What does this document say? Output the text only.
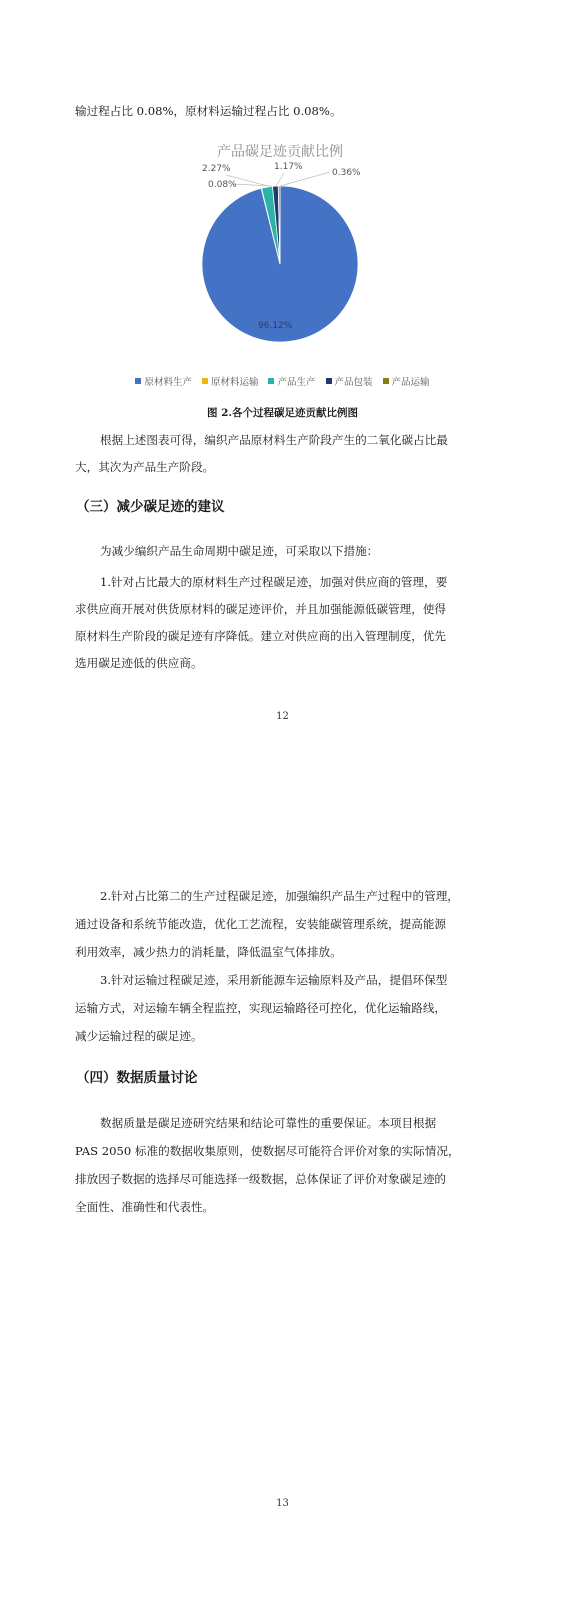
输过程占比 0.08%，原材料运输过程占比 0.08%。
产品碳足迹贡献比例
96.12%
0.08%
2.27%	1.17%
0.36%
原材料生产 原材料运输 产品生产 产品包装 产品运输
图 2.各个过程碳足迹贡献比例图
根据上述图表可得，编织产品原材料生产阶段产生的二氧化碳占比最
大，其次为产品生产阶段。
（三）减少碳足迹的建议
为减少编织产品生命周期中碳足迹，可采取以下措施：
1.针对占比最大的原材料生产过程碳足迹，加强对供应商的管理，要
求供应商开展对供货原材料的碳足迹评价，并且加强能源低碳管理，使得
原材料生产阶段的碳足迹有序降低。建立对供应商的出入管理制度，优先
选用碳足迹低的供应商。
12
2.针对占比第二的生产过程碳足迹，加强编织产品生产过程中的管理，
通过设备和系统节能改造，优化工艺流程，安装能碳管理系统，提高能源
利用效率，减少热力的消耗量，降低温室气体排放。
3.针对运输过程碳足迹，采用新能源车运输原料及产品，提倡环保型
运输方式，对运输车辆全程监控，实现运输路径可控化，优化运输路线，
减少运输过程的碳足迹。
（四）数据质量讨论
数据质量是碳足迹研究结果和结论可靠性的重要保证。本项目根据
PAS 2050 标准的数据收集原则，使数据尽可能符合评价对象的实际情况，
排放因子数据的选择尽可能选择一级数据，总体保证了评价对象碳足迹的
全面性、准确性和代表性。
13
